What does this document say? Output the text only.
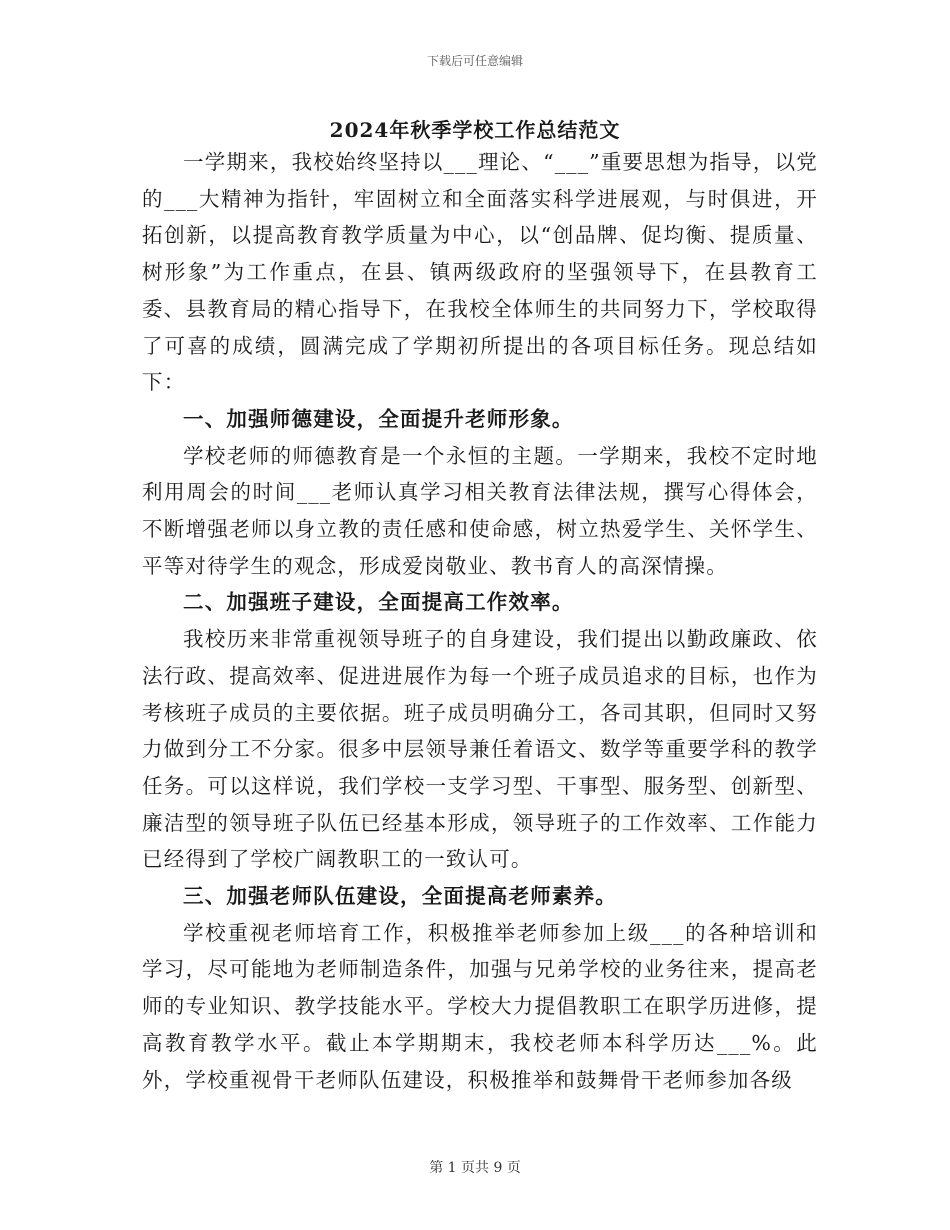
下载后可任意编辑
2024年秋季学校工作总结范文

一学期来，我校始终坚持以___理论、“___”重要思想为指导，以党的___大精神为指针，牢固树立和全面落实科学进展观，与时俱进，开拓创新，以提高教育教学质量为中心，以“创品牌、促均衡、提质量、树形象”为工作重点，在县、镇两级政府的坚强领导下，在县教育工委、县教育局的精心指导下，在我校全体师生的共同努力下，学校取得了可喜的成绩，圆满完成了学期初所提出的各项目标任务。现总结如下：

一、加强师德建设，全面提升老师形象。

学校老师的师德教育是一个永恒的主题。一学期来，我校不定时地利用周会的时间___老师认真学习相关教育法律法规，撰写心得体会，不断增强老师以身立教的责任感和使命感，树立热爱学生、关怀学生、平等对待学生的观念，形成爱岗敬业、教书育人的高深情操。

二、加强班子建设，全面提高工作效率。

我校历来非常重视领导班子的自身建设，我们提出以勤政廉政、依法行政、提高效率、促进进展作为每一个班子成员追求的目标，也作为考核班子成员的主要依据。班子成员明确分工，各司其职，但同时又努力做到分工不分家。很多中层领导兼任着语文、数学等重要学科的教学任务。可以这样说，我们学校一支学习型、干事型、服务型、创新型、廉洁型的领导班子队伍已经基本形成，领导班子的工作效率、工作能力已经得到了学校广阔教职工的一致认可。

三、加强老师队伍建设，全面提高老师素养。

学校重视老师培育工作，积极推举老师参加上级___的各种培训和学习，尽可能地为老师制造条件，加强与兄弟学校的业务往来，提高老师的专业知识、教学技能水平。学校大力提倡教职工在职学历进修，提高教育教学水平。截止本学期期末，我校老师本科学历达___%。此外，学校重视骨干老师队伍建设，积极推举和鼓舞骨干老师参加各级

第 1 页共 9 页
